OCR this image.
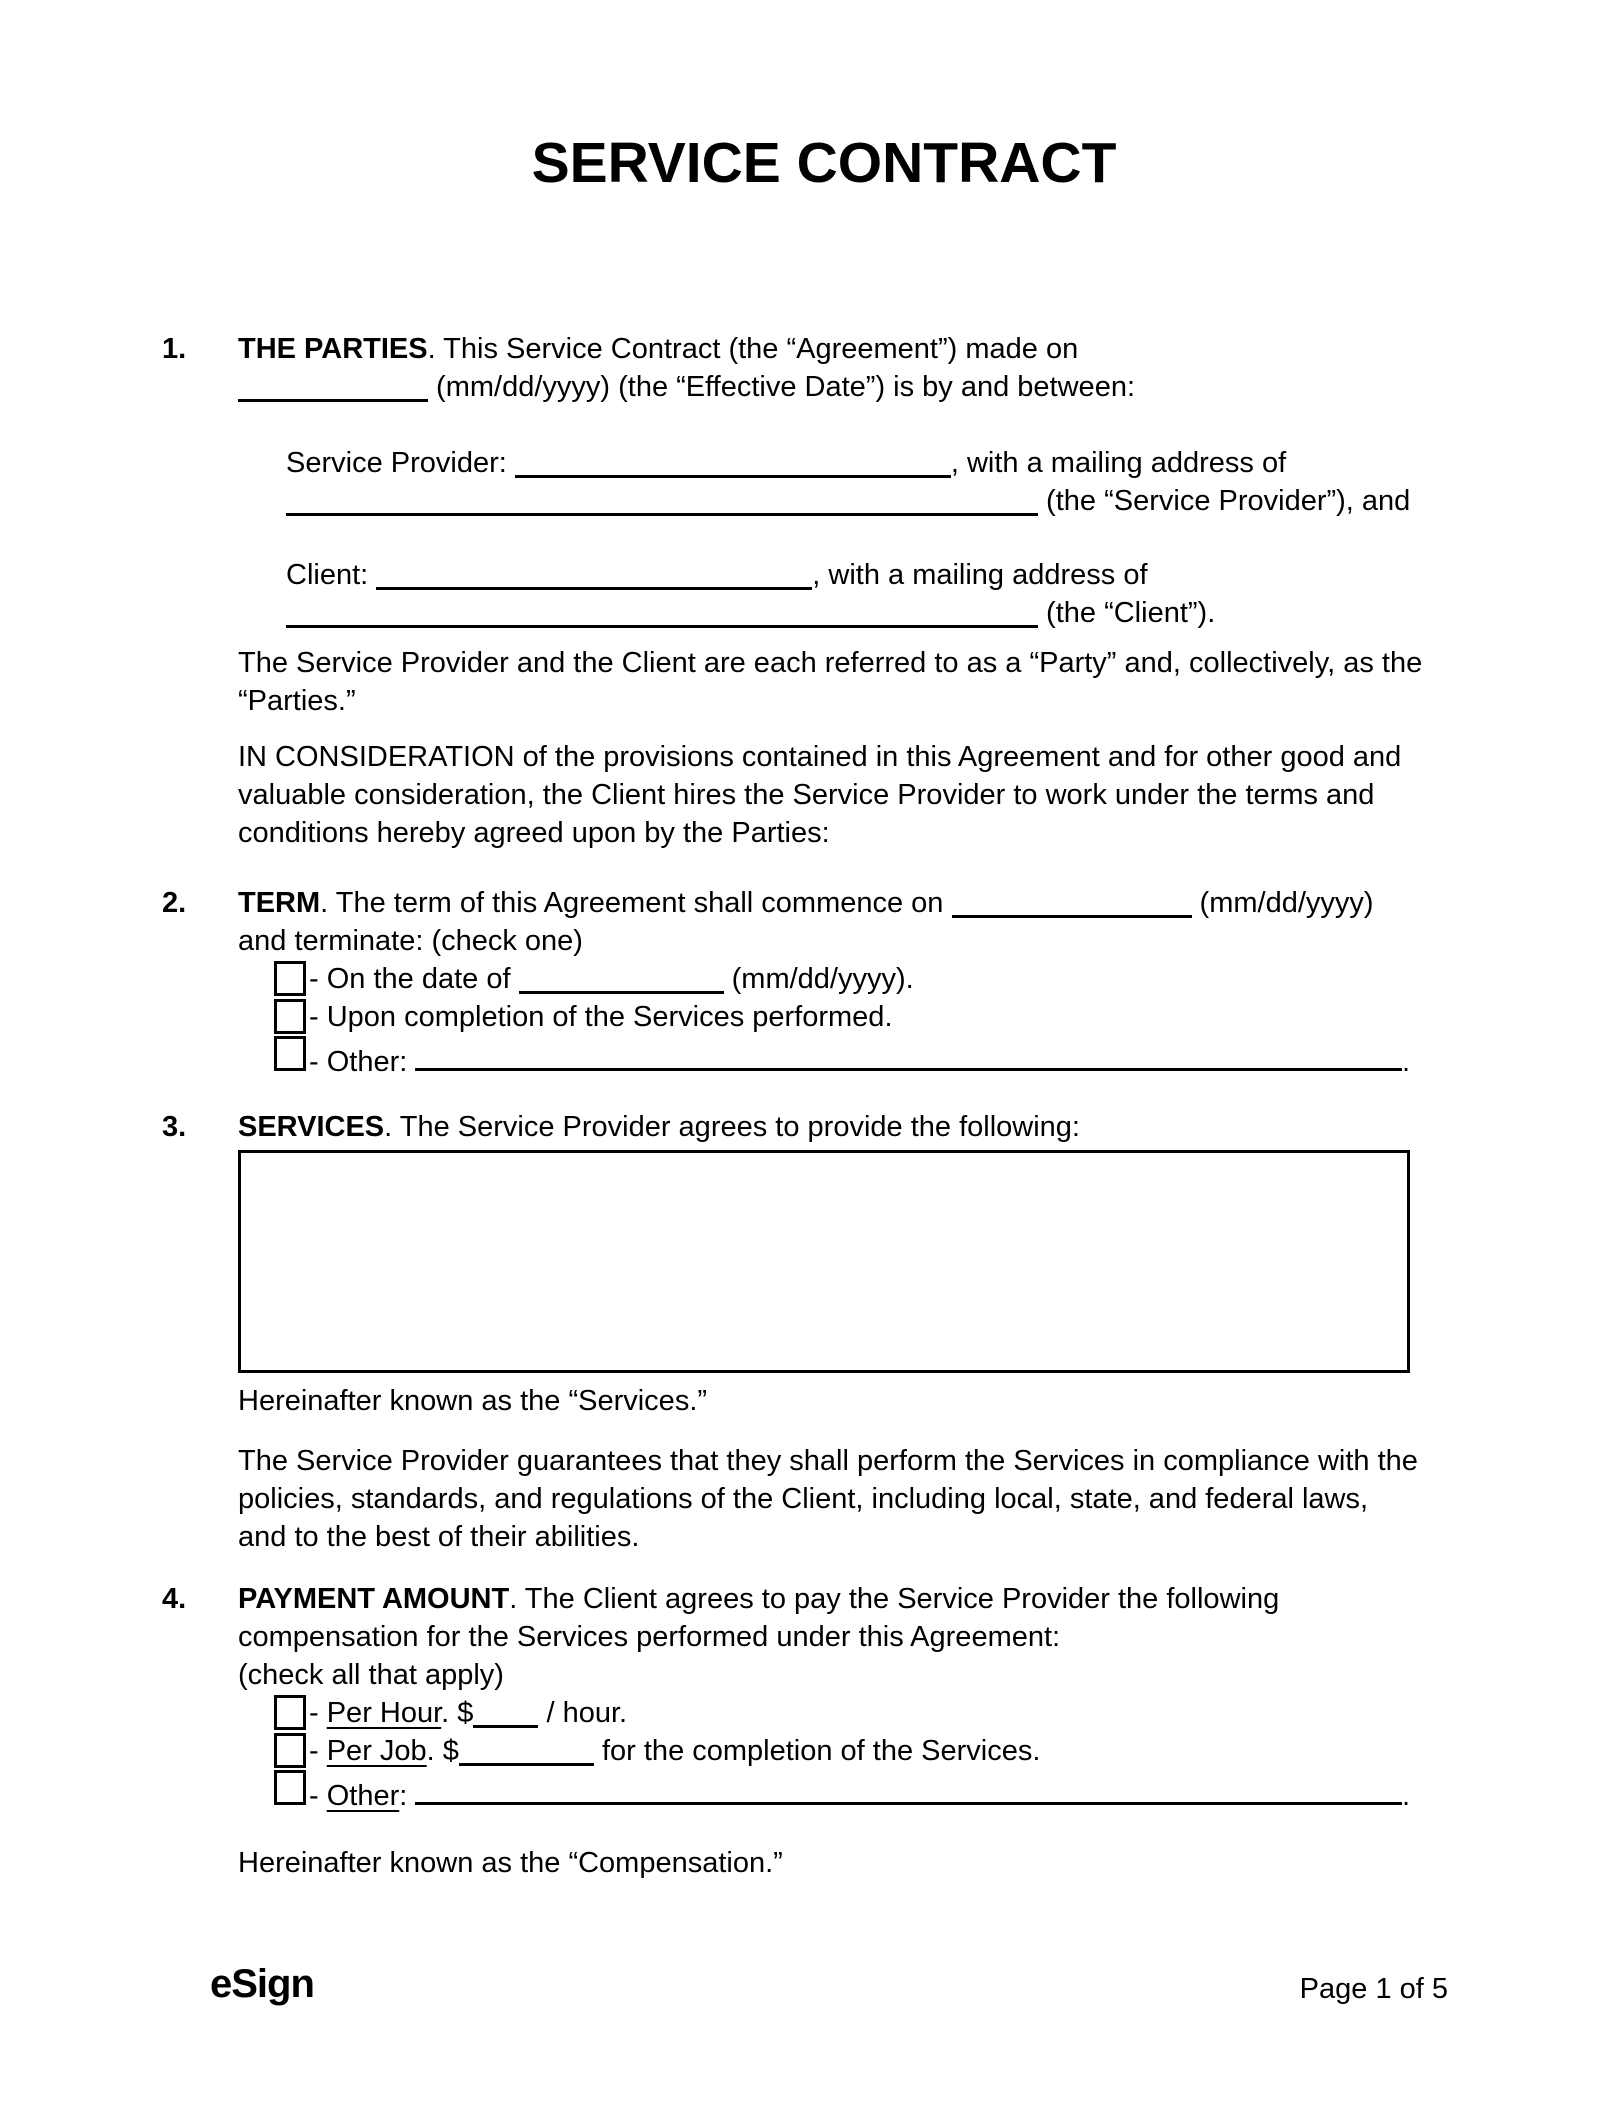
SERVICE CONTRACT
1.	THE PARTIES. This Service Contract (the “Agreement”) made on
(mm/dd/yyyy) (the “Effective Date”) is by and between:
Service Provider:	, with a mailing address of
(the “Service Provider”), and
Client:	, with a mailing address of
(the “Client”).
The Service Provider and the Client are each referred to as a “Party” and, collectively, as the
“Parties.”
IN CONSIDERATION of the provisions contained in this Agreement and for other good and
valuable consideration, the Client hires the Service Provider to work under the terms and
conditions hereby agreed upon by the Parties:
2.	TERM. The term of this Agreement shall commence on	(mm/dd/yyyy)
and terminate: (check one)
- On the date of	(mm/dd/yyyy).
- Upon completion of the Services performed.
- Other:	.
3.	SERVICES. The Service Provider agrees to provide the following:
Hereinafter known as the “Services.”
The Service Provider guarantees that they shall perform the Services in compliance with the
policies, standards, and regulations of the Client, including local, state, and federal laws,
and to the best of their abilities.
4.	PAYMENT AMOUNT. The Client agrees to pay the Service Provider the following
compensation for the Services performed under this Agreement:
(check all that apply)
- Per Hour. $ / hour.
- Per Job. $	for the completion of the Services.
- Other:	.
Hereinafter known as the “Compensation.”
eSign	Page 1 of 5
